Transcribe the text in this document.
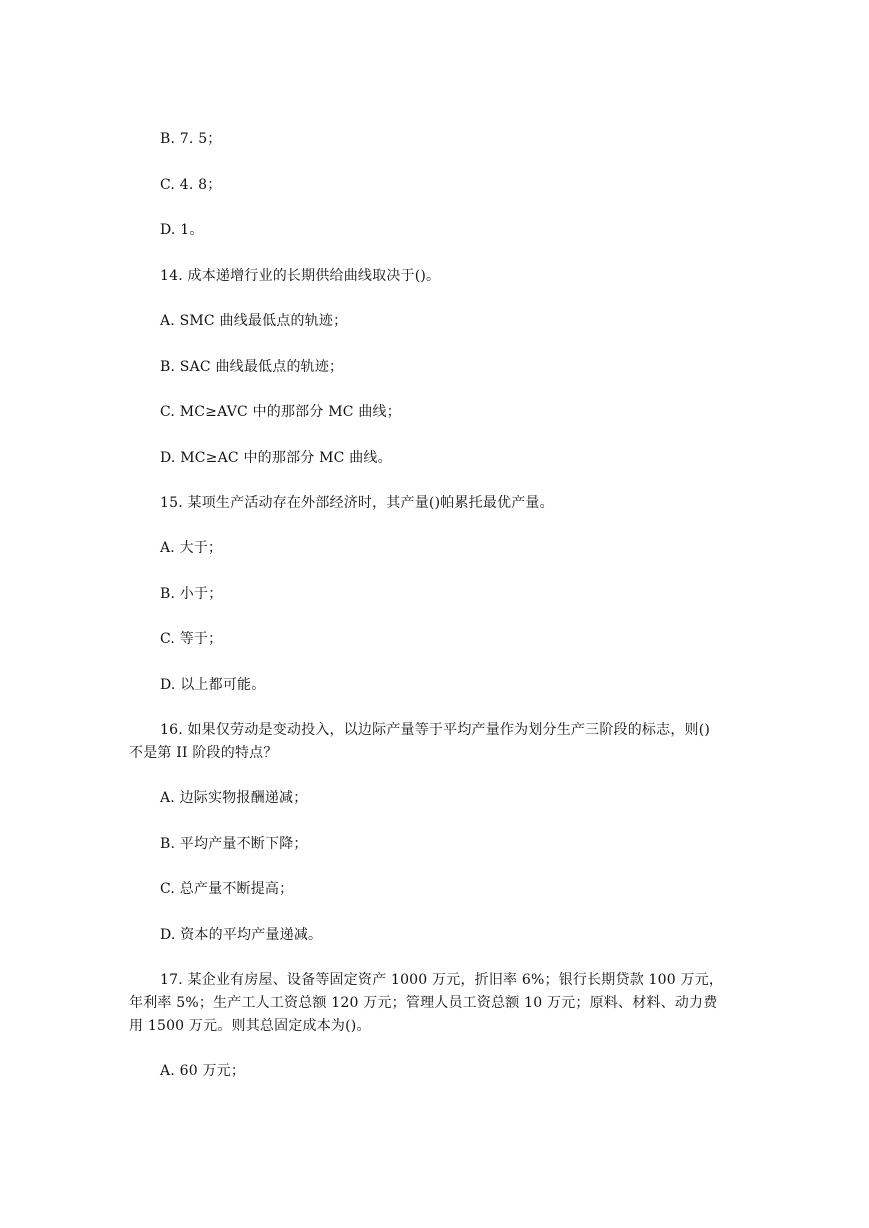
B. 7. 5；
C. 4. 8；
D. 1。
14. 成本递增行业的长期供给曲线取决于()。
A. SMC 曲线最低点的轨迹；
B. SAC 曲线最低点的轨迹；
C. MC≥AVC 中的那部分 MC 曲线；
D. MC≥AC 中的那部分 MC 曲线。
15. 某项生产活动存在外部经济时，其产量()帕累托最优产量。
A. 大于；
B. 小于；
C. 等于；
D. 以上都可能。
16. 如果仅劳动是变动投入，以边际产量等于平均产量作为划分生产三阶段的标志，则()
不是第 II 阶段的特点？
A. 边际实物报酬递减；
B. 平均产量不断下降；
C. 总产量不断提高；
D. 资本的平均产量递减。
17. 某企业有房屋、设备等固定资产 1000 万元，折旧率 6%；银行长期贷款 100 万元，
年利率 5%；生产工人工资总额 120 万元；管理人员工资总额 10 万元；原料、材料、动力费
用 1500 万元。则其总固定成本为()。
A. 60 万元；
